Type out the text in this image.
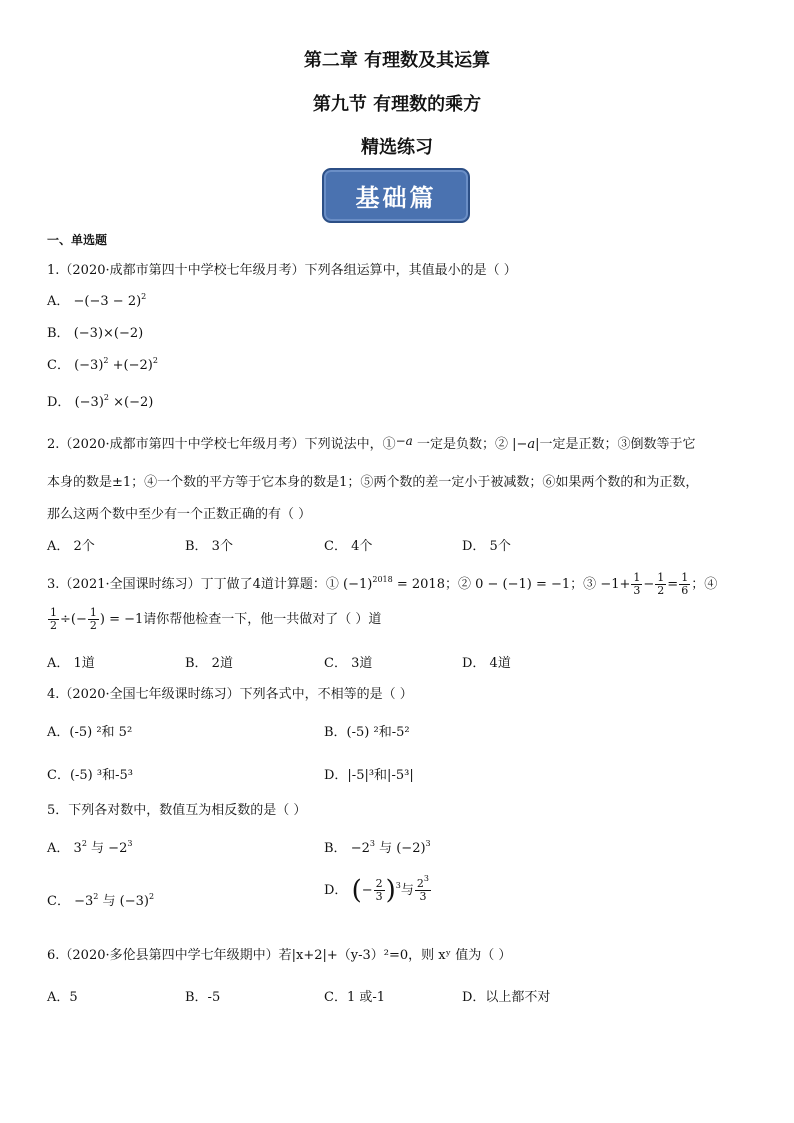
第二章 有理数及其运算
第九节 有理数的乘方
精选练习
基础篇
一、单选题
1.（2020·成都市第四十中学校七年级月考）下列各组运算中，其值最小的是（ ）
A． $-(-3 - 2)^2$
B． (−3)×(−2)
C． $(-3)^2 +(-2)^2$
D． $(-3)^2 \times(-2)$
2.（2020·成都市第四十中学校七年级月考）下列说法中，①−a 一定是负数；② |−a|一定是正数；③倒数等于它
本身的数是±1；④一个数的平方等于它本身的数是1；⑤两个数的差一定小于被减数；⑥如果两个数的和为正数，
那么这两个数中至少有一个正数正确的有（ ）
A． 2个	B． 3个	C． 4个	D． 5个
3.（2021·全国课时练习）丁丁做了4道计算题：① $(-1)^{2018} = 2018$；② 0 − (−1) = −1；③ $-1+ \frac{1}{3} - \frac{1}{2} = \frac{1}{6}$ ；④
$\frac{1}{2}$ ÷(− $\frac{1}{2}$ ) = −1请你帮他检查一下，他一共做对了（ ）道
A． 1道	B． 2道	C． 3道	D． 4道
4.（2020·全国七年级课时练习）下列各式中，不相等的是（ ）
A．(-5) ²和 5²	B．(-5) ²和-5²
C．(-5) ³和-5³	D．|-5|³和|-5³|
5．下列各对数中，数值互为相反数的是（ ）
A． $3^2$ 与 $-2^3$	B． $-2^3$ 与 $(-2)^3$
C． $-3^2$ 与 $(-3)^2$	D． (− $\frac{2}{3} )^3$与 $\frac{2^3}{3}$
6.（2020·多伦县第四中学七年级期中）若|x+2|+（y-3）²=0，则 xʸ 值为（ ）
A．5	B．-5	C．1 或-1	D．以上都不对
